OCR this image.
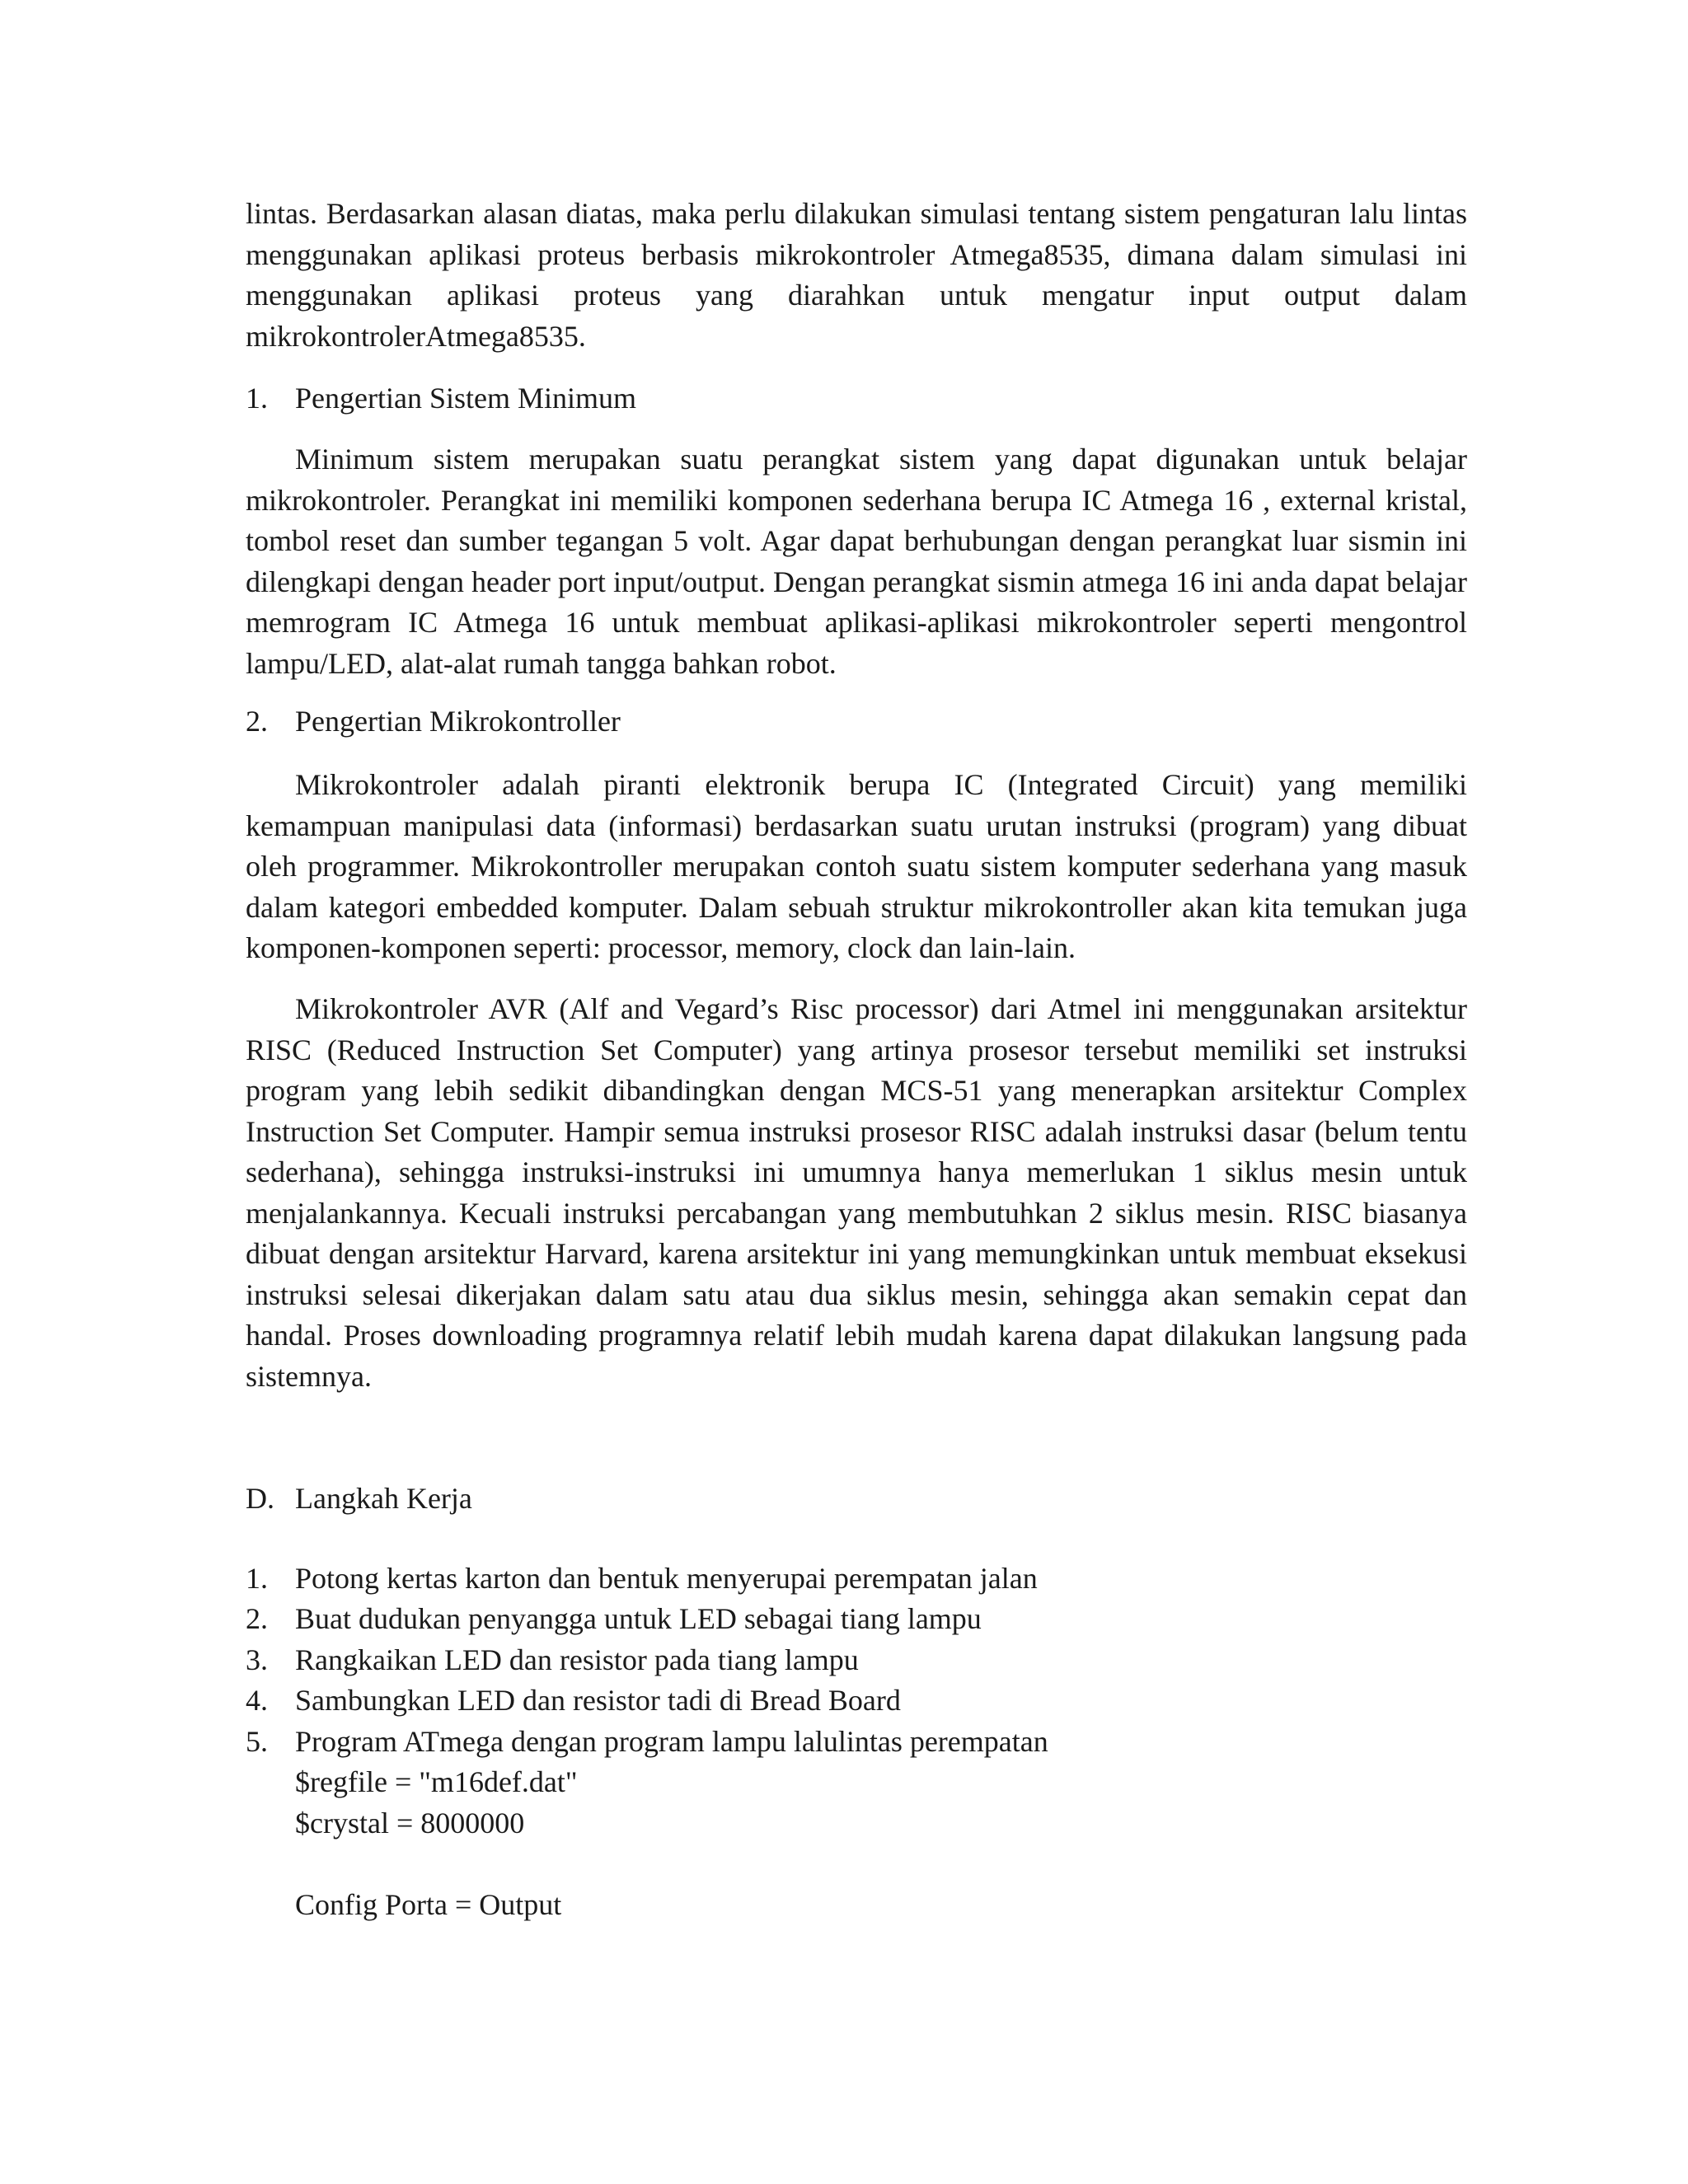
lintas. Berdasarkan alasan diatas, maka perlu dilakukan simulasi tentang sistem pengaturan lalu lintas menggunakan aplikasi proteus berbasis mikrokontroler Atmega8535, dimana dalam simulasi ini menggunakan aplikasi proteus yang diarahkan untuk mengatur input output dalam mikrokontrolerAtmega8535.

1. Pengertian Sistem Minimum

Minimum sistem merupakan suatu perangkat sistem yang dapat digunakan untuk belajar mikrokontroler. Perangkat ini memiliki komponen sederhana berupa IC Atmega 16 , external kristal, tombol reset dan sumber tegangan 5 volt. Agar dapat berhubungan dengan perangkat luar sismin ini dilengkapi dengan header port input/output. Dengan perangkat sismin atmega 16 ini anda dapat belajar memrogram IC Atmega 16 untuk membuat aplikasi-aplikasi mikrokontroler seperti mengontrol lampu/LED, alat-alat rumah tangga bahkan robot.

2. Pengertian Mikrokontroller

Mikrokontroler adalah piranti elektronik berupa IC (Integrated Circuit) yang memiliki kemampuan manipulasi data (informasi) berdasarkan suatu urutan instruksi (program) yang dibuat oleh programmer. Mikrokontroller merupakan contoh suatu sistem komputer sederhana yang masuk dalam kategori embedded komputer. Dalam sebuah struktur mikrokontroller akan kita temukan juga komponen-komponen seperti: processor, memory, clock dan lain-lain.

Mikrokontroler AVR (Alf and Vegard’s Risc processor) dari Atmel ini menggunakan arsitektur RISC (Reduced Instruction Set Computer) yang artinya prosesor tersebut memiliki set instruksi program yang lebih sedikit dibandingkan dengan MCS-51 yang menerapkan arsitektur Complex Instruction Set Computer. Hampir semua instruksi prosesor RISC adalah instruksi dasar (belum tentu sederhana), sehingga instruksi-instruksi ini umumnya hanya memerlukan 1 siklus mesin untuk menjalankannya. Kecuali instruksi percabangan yang membutuhkan 2 siklus mesin. RISC biasanya dibuat dengan arsitektur Harvard, karena arsitektur ini yang memungkinkan untuk membuat eksekusi instruksi selesai dikerjakan dalam satu atau dua siklus mesin, sehingga akan semakin cepat dan handal. Proses downloading programnya relatif lebih mudah karena dapat dilakukan langsung pada sistemnya.

D. Langkah Kerja
1. Potong kertas karton dan bentuk menyerupai perempatan jalan
2. Buat dudukan penyangga untuk LED sebagai tiang lampu
3. Rangkaikan LED dan resistor pada tiang lampu
4. Sambungkan LED dan resistor tadi di Bread Board
5. Program ATmega dengan program lampu lalulintas perempatan
$regfile = "m16def.dat"
$crystal = 8000000
Config Porta = Output
